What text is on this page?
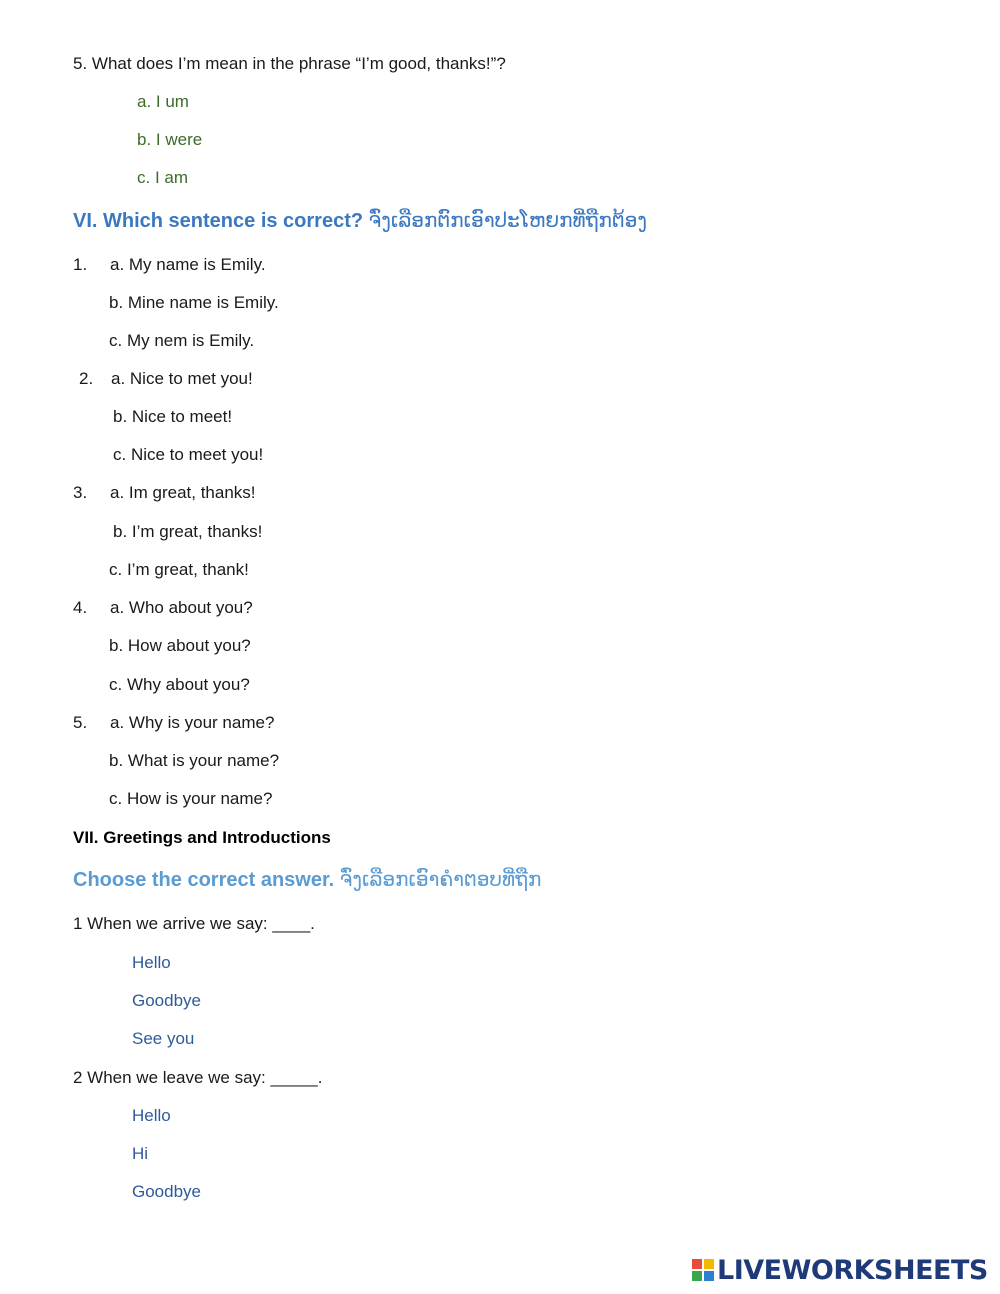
5. What does I’m mean in the phrase “I’m good, thanks!”?
a. I um
b. I were
c. I am
VI. Which sentence is correct? ຈົ່ງເລືອກຕົກເອົາປະໂຫຍກທີ່ຖືກຕ້ອງ
1. a. My name is Emily.
b. Mine name is Emily.
c. My nem is Emily.
2. a. Nice to met you!
b. Nice to meet!
c. Nice to meet you!
3. a. Im great, thanks!
b. I’m great, thanks!
c. I’m great, thank!
4. a. Who about you?
b. How about you?
c. Why about you?
5. a. Why is your name?
b. What is your name?
c. How is your name?
VII. Greetings and Introductions
Choose the correct answer. ຈົ່ງເລືອກເອົາຄຳຕອບທີ່ຖືກ
1 When we arrive we say: ____.
Hello
Goodbye
See you
2 When we leave we say: _____.
Hello
Hi
Goodbye
LIVEWORKSHEETS
